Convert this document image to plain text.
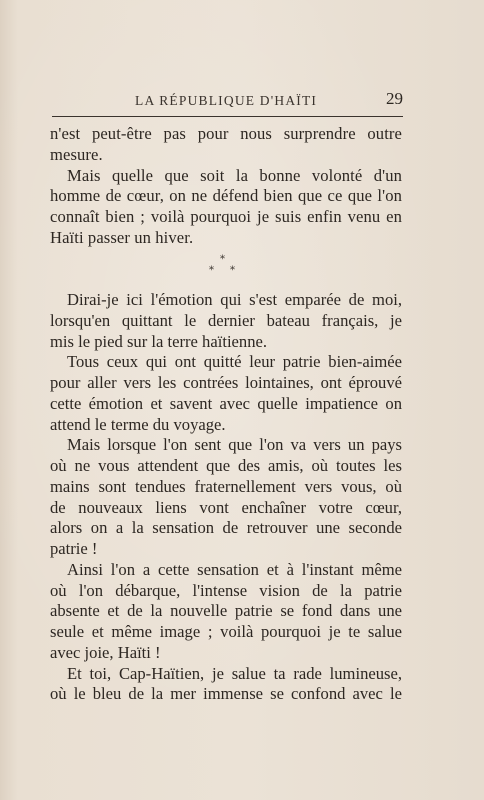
LA RÉPUBLIQUE D'HAÏTI	29
n'est peut-être pas pour nous surprendre outre
mesure.
Mais quelle que soit la bonne volonté d'un
homme de cœur, on ne défend bien que ce que l'on
connaît bien ; voilà pourquoi je suis enfin venu en
Haïti passer un hiver.
*
* *
Dirai-je ici l'émotion qui s'est emparée de moi,
lorsqu'en quittant le dernier bateau français, je
mis le pied sur la terre haïtienne.
Tous ceux qui ont quitté leur patrie bien-aimée
pour aller vers les contrées lointaines, ont éprouvé
cette émotion et savent avec quelle impatience on
attend le terme du voyage.
Mais lorsque l'on sent que l'on va vers un pays
où ne vous attendent que des amis, où toutes les
mains sont tendues fraternellement vers vous, où
de nouveaux liens vont enchaîner votre cœur,
alors on a la sensation de retrouver une seconde
patrie !
Ainsi l'on a cette sensation et à l'instant même
où l'on débarque, l'intense vision de la patrie
absente et de la nouvelle patrie se fond dans une
seule et même image ; voilà pourquoi je te salue
avec joie, Haïti !
Et toi, Cap-Haïtien, je salue ta rade lumineuse,
où le bleu de la mer immense se confond avec le
